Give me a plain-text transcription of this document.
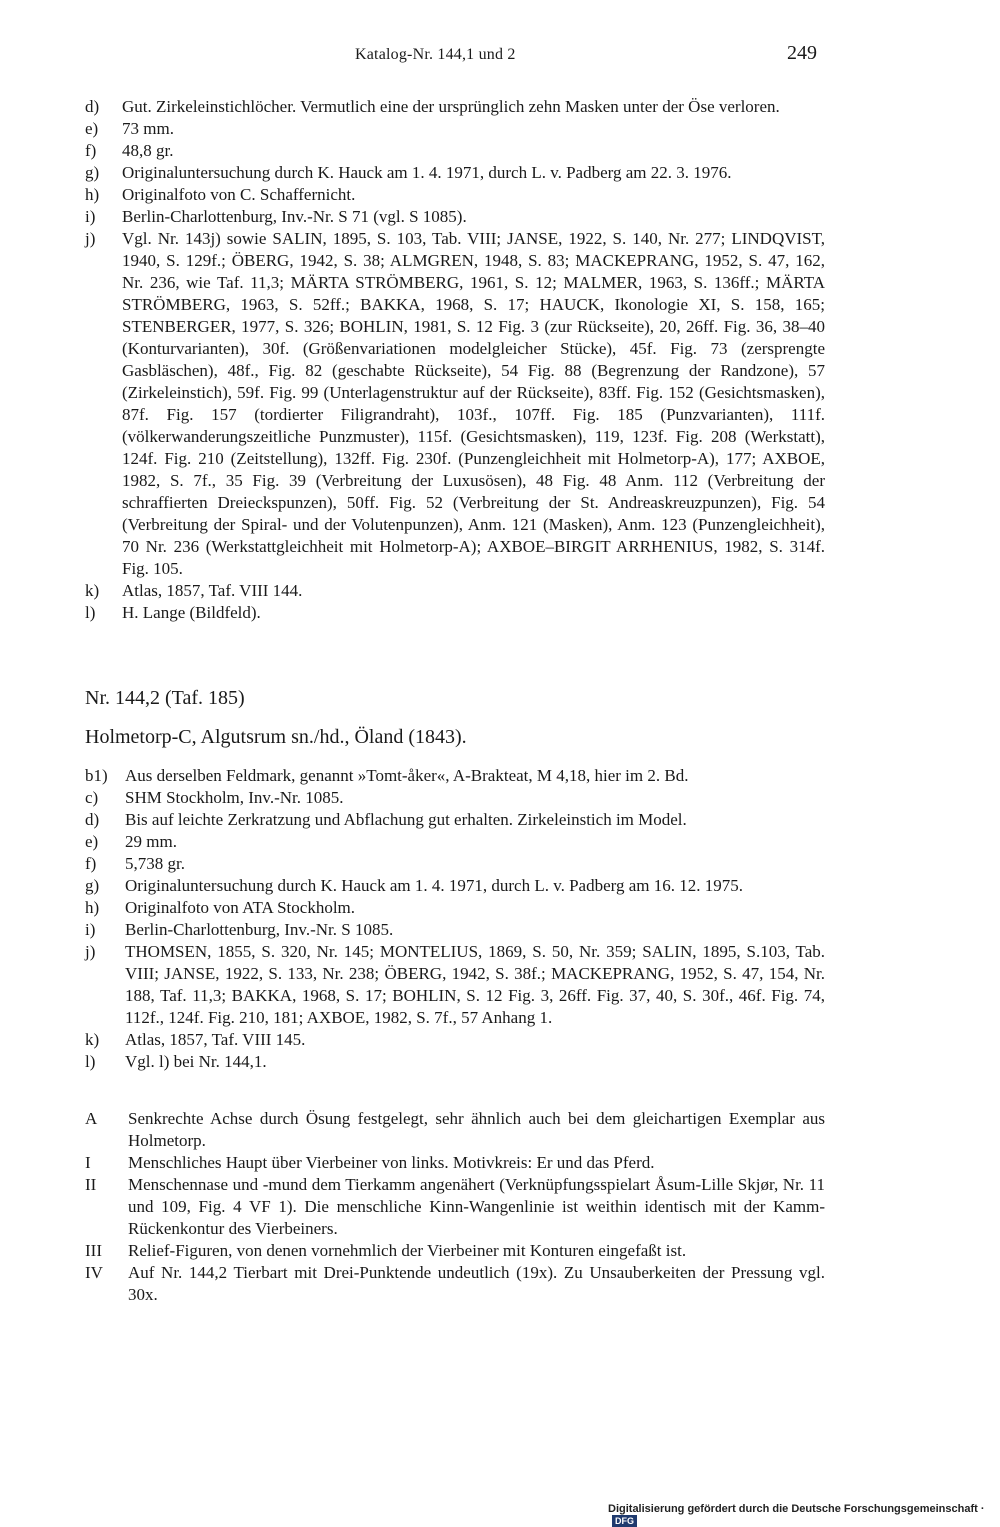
Katalog-Nr. 144,1 und 2	249
d) Gut. Zirkeleinstichlöcher. Vermutlich eine der ursprünglich zehn Masken unter der Öse verloren.
e) 73 mm.
f) 48,8 gr.
g) Originaluntersuchung durch K. Hauck am 1. 4. 1971, durch L. v. Padberg am 22. 3. 1976.
h) Originalfoto von C. Schaffernicht.
i) Berlin-Charlottenburg, Inv.-Nr. S 71 (vgl. S 1085).
j) Vgl. Nr. 143j) sowie SALIN, 1895, S. 103, Tab. VIII; JANSE, 1922, S. 140, Nr. 277; LINDQVIST, 1940, S. 129f.; ÖBERG, 1942, S. 38; ALMGREN, 1948, S. 83; MACKEPRANG, 1952, S. 47, 162, Nr. 236, wie Taf. 11,3; MÄRTA STRÖMBERG, 1961, S. 12; MALMER, 1963, S. 136ff.; MÄRTA STRÖMBERG, 1963, S. 52ff.; BAKKA, 1968, S. 17; HAUCK, Ikonologie XI, S. 158, 165; STENBERGER, 1977, S. 326; BOHLIN, 1981, S. 12 Fig. 3 (zur Rückseite), 20, 26ff. Fig. 36, 38–40 (Konturvarianten), 30f. (Größenvariationen modelgleicher Stücke), 45f. Fig. 73 (zersprengte Gasbläschen), 48f., Fig. 82 (geschabte Rückseite), 54 Fig. 88 (Begrenzung der Randzone), 57 (Zirkeleinstich), 59f. Fig. 99 (Unterlagenstruktur auf der Rückseite), 83ff. Fig. 152 (Gesichtsmasken), 87f. Fig. 157 (tordierter Filigrandraht), 103f., 107ff. Fig. 185 (Punzvarianten), 111f. (völkerwanderungszeitliche Punzmuster), 115f. (Gesichtsmasken), 119, 123f. Fig. 208 (Werkstatt), 124f. Fig. 210 (Zeitstellung), 132ff. Fig. 230f. (Punzengleichheit mit Holmetorp-A), 177; AXBOE, 1982, S. 7f., 35 Fig. 39 (Verbreitung der Luxusösen), 48 Fig. 48 Anm. 112 (Verbreitung der schraffierten Dreieckspunzen), 50ff. Fig. 52 (Verbreitung der St. Andreaskreuzpunzen), Fig. 54 (Verbreitung der Spiral- und der Volutenpunzen), Anm. 121 (Masken), Anm. 123 (Punzengleichheit), 70 Nr. 236 (Werkstattgleichheit mit Holmetorp-A); AXBOE–BIRGIT ARRHENIUS, 1982, S. 314f. Fig. 105.
k) Atlas, 1857, Taf. VIII 144.
l) H. Lange (Bildfeld).
Nr. 144,2 (Taf. 185)
Holmetorp-C, Algutsrum sn./hd., Öland (1843).
b1) Aus derselben Feldmark, genannt »Tomt-åker«, A-Brakteat, M 4,18, hier im 2. Bd.
c) SHM Stockholm, Inv.-Nr. 1085.
d) Bis auf leichte Zerkratzung und Abflachung gut erhalten. Zirkeleinstich im Model.
e) 29 mm.
f) 5,738 gr.
g) Originaluntersuchung durch K. Hauck am 1. 4. 1971, durch L. v. Padberg am 16. 12. 1975.
h) Originalfoto von ATA Stockholm.
i) Berlin-Charlottenburg, Inv.-Nr. S 1085.
j) THOMSEN, 1855, S. 320, Nr. 145; MONTELIUS, 1869, S. 50, Nr. 359; SALIN, 1895, S.103, Tab. VIII; JANSE, 1922, S. 133, Nr. 238; ÖBERG, 1942, S. 38f.; MACKEPRANG, 1952, S. 47, 154, Nr. 188, Taf. 11,3; BAKKA, 1968, S. 17; BOHLIN, S. 12 Fig. 3, 26ff. Fig. 37, 40, S. 30f., 46f. Fig. 74, 112f., 124f. Fig. 210, 181; AXBOE, 1982, S. 7f., 57 Anhang 1.
k) Atlas, 1857, Taf. VIII 145.
l) Vgl. l) bei Nr. 144,1.
A Senkrechte Achse durch Ösung festgelegt, sehr ähnlich auch bei dem gleichartigen Exemplar aus Holmetorp.
I Menschliches Haupt über Vierbeiner von links. Motivkreis: Er und das Pferd.
II Menschennase und -mund dem Tierkamm angenähert (Verknüpfungsspielart Åsum-Lille Skjør, Nr. 11 und 109, Fig. 4 VF 1). Die menschliche Kinn-Wangenlinie ist weithin identisch mit der Kamm-Rückenkontur des Vierbeiners.
III Relief-Figuren, von denen vornehmlich der Vierbeiner mit Konturen eingefaßt ist.
IV Auf Nr. 144,2 Tierbart mit Drei-Punktende undeutlich (19x). Zu Unsauberkeiten der Pressung vgl. 30x.
Digitalisierung gefördert durch die Deutsche Forschungsgemeinschaft ·DFG
